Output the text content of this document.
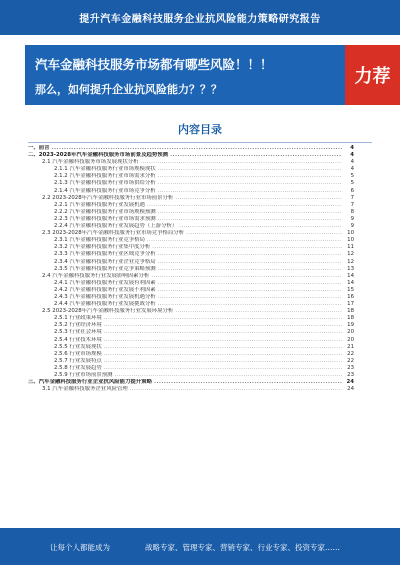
提升汽车金融科技服务企业抗风险能力策略研究报告
汽车金融科技服务市场都有哪些风险！！！
那么，如何提升企业抗风险能力？？？
力荐
内容目录
一、前言 .....	4
二、2023-2028年汽车金融科技服务市场前景及趋势预测 .....	4
2.1 汽车金融科技服务市场发展现状分析 .....	4
2.1.1 汽车金融科技服务行业市场规模现状 .....	4
2.1.2 汽车金融科技服务行业市场需求分析 .....	5
2.1.3 汽车金融科技服务行业市场供给分析 .....	5
2.1.4 汽车金融科技服务行业市场竞争分析 .....	6
2.2 2023-2028年汽车金融科技服务行业市场前景分析 .....	7
2.2.1 汽车金融科技服务行业发展机遇 .....	7
2.2.2 汽车金融科技服务行业市场规模预测 .....	8
2.2.3 汽车金融科技服务行业市场需求预测 .....	9
2.2.4 汽车金融科技服务行业发展趋势（上游分析） .....	9
2.3 2023-2028年汽车金融科技服务行业市场竞争格局分析 .....	10
2.3.1 汽车金融科技服务行业竞争格局 .....	10
2.3.2 汽车金融科技服务行业集中度分析 .....	11
2.3.3 汽车金融科技服务行业区域竞争分析 .....	12
2.3.4 汽车金融科技服务行业企业竞争格局 .....	12
2.3.5 汽车金融科技服务行业竞争策略预测 .....	13
2.4 汽车金融科技服务行业发展影响因素分析 .....	14
2.4.1 汽车金融科技服务行业发展有利因素 .....	14
2.4.2 汽车金融科技服务行业发展不利因素 .....	15
2.4.3 汽车金融科技服务行业发展机遇分析 .....	16
2.4.4 汽车金融科技服务行业发展挑战分析 .....	17
2.5 2023-2028年汽车金融科技服务行业发展环境分析 .....	18
2.5.1 行业政策环境 .....	18
2.5.2 行业经济环境 .....	19
2.5.3 行业社会环境 .....	20
2.5.4 行业技术环境 .....	20
2.5.5 行业发展现状 .....	21
2.5.6 行业市场规模 .....	22
2.5.7 行业发展特点 .....	22
2.5.8 行业发展趋势 .....	23
2.5.9 行业市场前景预测 .....	23
三、汽车金融科技服务行业企业抗风险能力提升策略 .....	24
3.1 汽车金融科技服务企业风险管理 .....	24
让每个人都能成为	战略专家、管理专家、营销专家、行业专家、投资专家……
